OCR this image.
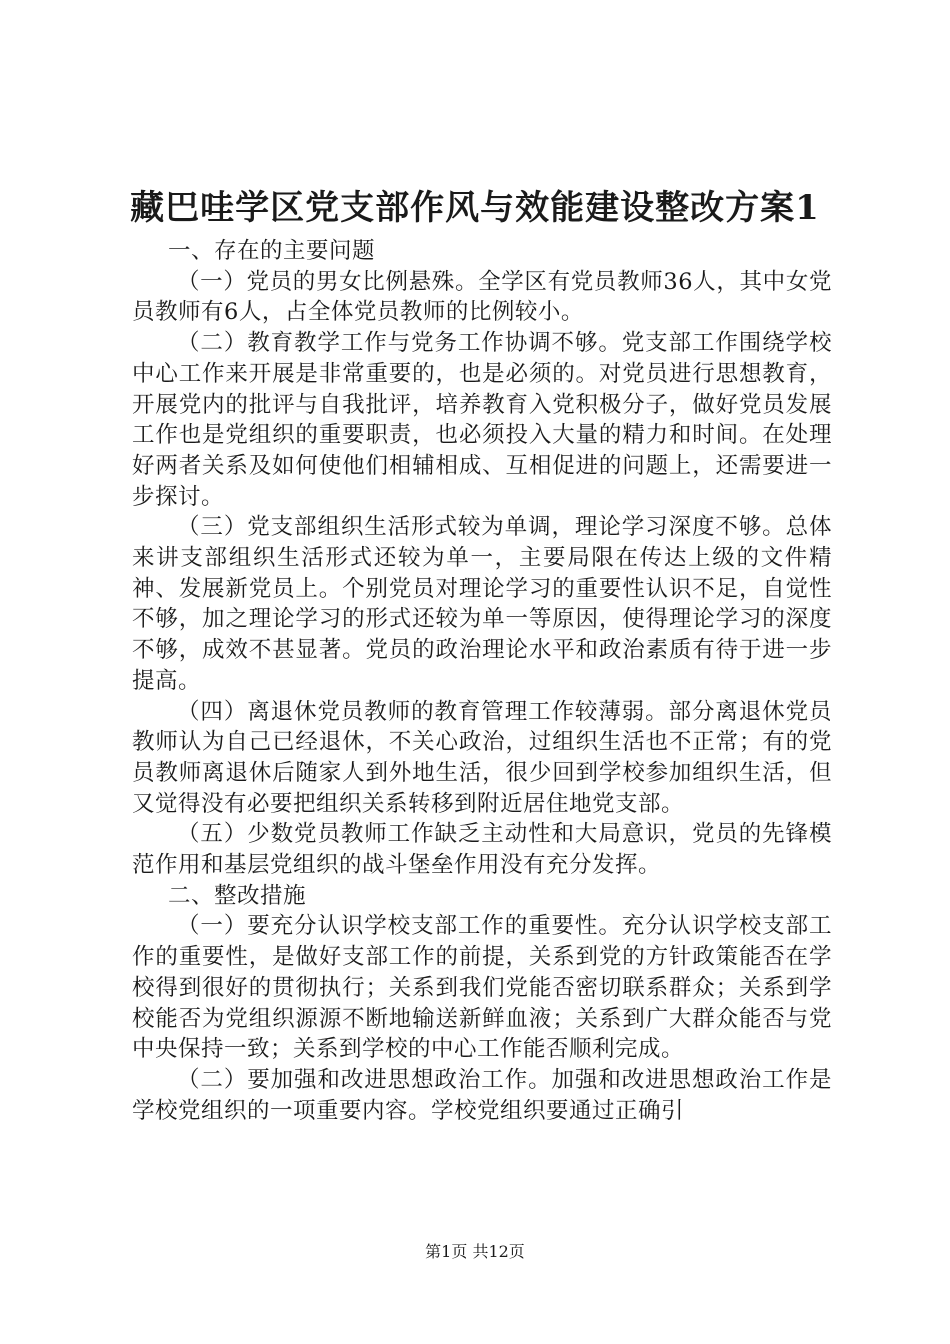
藏巴哇学区党支部作风与效能建设整改方案1

一、存在的主要问题

（一）党员的男女比例悬殊。全学区有党员教师36人，其中女党员教师有6人，占全体党员教师的比例较小。

（二）教育教学工作与党务工作协调不够。党支部工作围绕学校中心工作来开展是非常重要的，也是必须的。对党员进行思想教育，开展党内的批评与自我批评，培养教育入党积极分子，做好党员发展工作也是党组织的重要职责，也必须投入大量的精力和时间。在处理好两者关系及如何使他们相辅相成、互相促进的问题上，还需要进一步探讨。

（三）党支部组织生活形式较为单调，理论学习深度不够。总体来讲支部组织生活形式还较为单一，主要局限在传达上级的文件精神、发展新党员上。个别党员对理论学习的重要性认识不足，自觉性不够，加之理论学习的形式还较为单一等原因，使得理论学习的深度不够，成效不甚显著。党员的政治理论水平和政治素质有待于进一步提高。

（四）离退休党员教师的教育管理工作较薄弱。部分离退休党员教师认为自己已经退休，不关心政治，过组织生活也不正常；有的党员教师离退休后随家人到外地生活，很少回到学校参加组织生活，但又觉得没有必要把组织关系转移到附近居住地党支部。

（五）少数党员教师工作缺乏主动性和大局意识，党员的先锋模范作用和基层党组织的战斗堡垒作用没有充分发挥。

二、整改措施

（一）要充分认识学校支部工作的重要性。充分认识学校支部工作的重要性，是做好支部工作的前提，关系到党的方针政策能否在学校得到很好的贯彻执行；关系到我们党能否密切联系群众；关系到学校能否为党组织源源不断地输送新鲜血液；关系到广大群众能否与党中央保持一致；关系到学校的中心工作能否顺利完成。

（二）要加强和改进思想政治工作。加强和改进思想政治工作是学校党组织的一项重要内容。学校党组织要通过正确引

第1页 共12页
